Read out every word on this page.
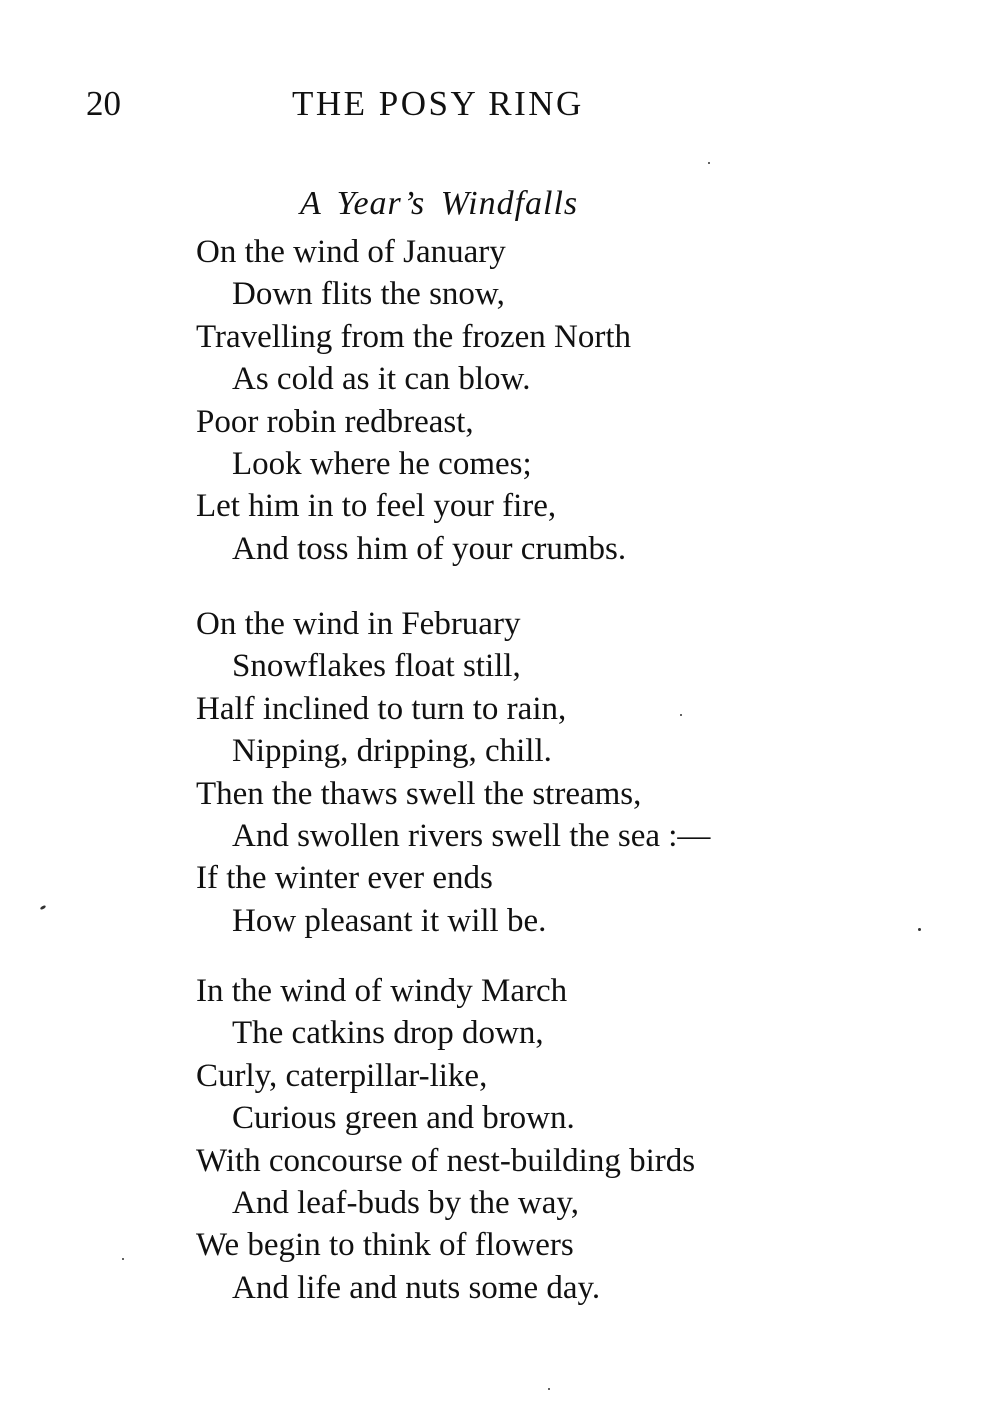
20	THE POSY RING
A Year’s Windfalls
On the wind of January
Down flits the snow,
Travelling from the frozen North
As cold as it can blow.
Poor robin redbreast,
Look where he comes;
Let him in to feel your fire,
And toss him of your crumbs.
On the wind in February
Snowflakes float still,
Half inclined to turn to rain,
Nipping, dripping, chill.
Then the thaws swell the streams,
And swollen rivers swell the sea :—
If the winter ever ends
How pleasant it will be.
In the wind of windy March
The catkins drop down,
Curly, caterpillar-like,
Curious green and brown.
With concourse of nest-building birds
And leaf-buds by the way,
We begin to think of flowers
And life and nuts some day.
